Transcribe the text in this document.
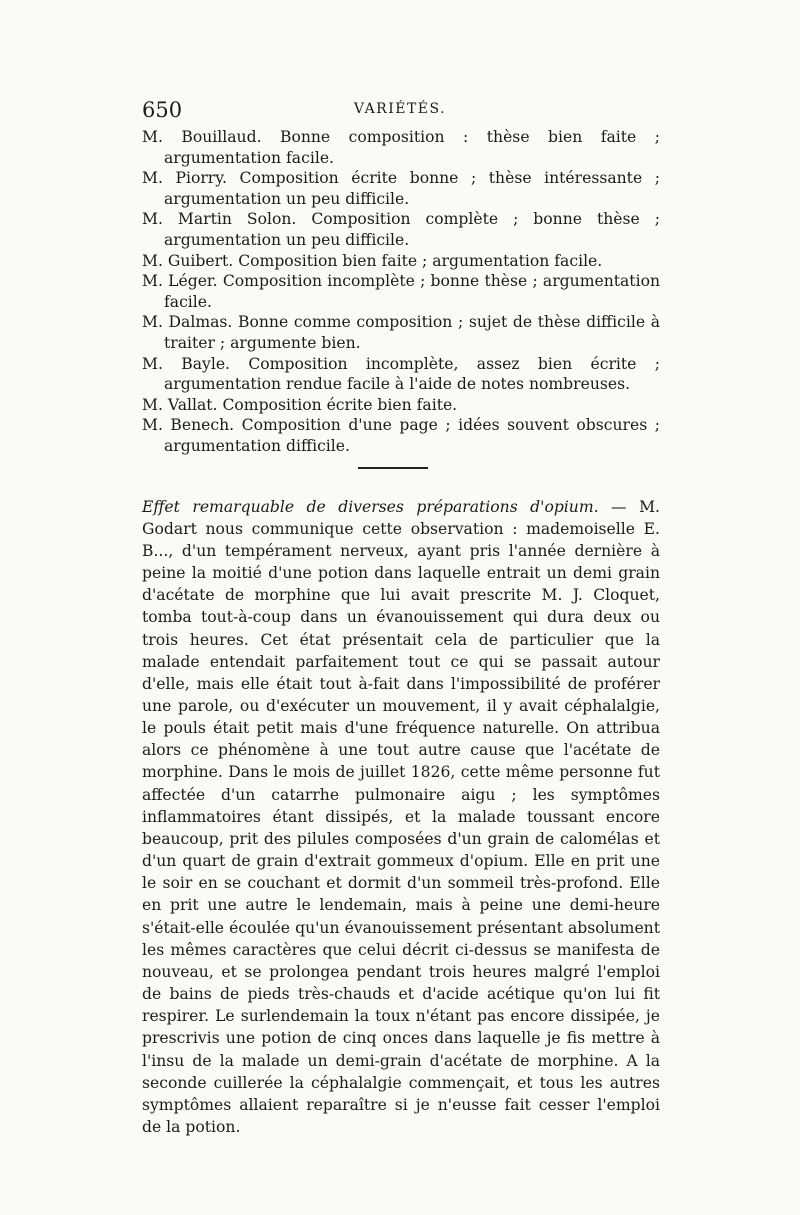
650	VARIÉTÉS.
M. Bouillaud. Bonne composition : thèse bien faite ; argumentation facile.
M. Piorry. Composition écrite bonne ; thèse intéressante ; argumentation un peu difficile.
M. Martin Solon. Composition complète ; bonne thèse ; argumentation un peu difficile.
M. Guibert. Composition bien faite ; argumentation facile.
M. Léger. Composition incomplète ; bonne thèse ; argumentation facile.
M. Dalmas. Bonne comme composition ; sujet de thèse difficile à traiter ; argumente bien.
M. Bayle. Composition incomplète, assez bien écrite ; argumentation rendue facile à l'aide de notes nombreuses.
M. Vallat. Composition écrite bien faite.
M. Benech. Composition d'une page ; idées souvent obscures ; argumentation difficile.

Effet remarquable de diverses préparations d'opium. — M. Godart nous communique cette observation : mademoiselle E. B..., d'un tempérament nerveux, ayant pris l'année dernière à peine la moitié d'une potion dans laquelle entrait un demi grain d'acétate de morphine que lui avait prescrite M. J. Cloquet, tomba tout-à-coup dans un évanouissement qui dura deux ou trois heures. Cet état présentait cela de particulier que la malade entendait parfaitement tout ce qui se passait autour d'elle, mais elle était tout à-fait dans l'impossibilité de proférer une parole, ou d'exécuter un mouvement, il y avait céphalalgie, le pouls était petit mais d'une fréquence naturelle. On attribua alors ce phénomène à une tout autre cause que l'acétate de morphine. Dans le mois de juillet 1826, cette même personne fut affectée d'un catarrhe pulmonaire aigu ; les symptômes inflammatoires étant dissipés, et la malade toussant encore beaucoup, prit des pilules composées d'un grain de calomélas et d'un quart de grain d'extrait gommeux d'opium. Elle en prit une le soir en se couchant et dormit d'un sommeil très-profond. Elle en prit une autre le lendemain, mais à peine une demi-heure s'était-elle écoulée qu'un évanouissement présentant absolument les mêmes caractères que celui décrit ci-dessus se manifesta de nouveau, et se prolongea pendant trois heures malgré l'emploi de bains de pieds très-chauds et d'acide acétique qu'on lui fit respirer. Le surlendemain la toux n'étant pas encore dissipée, je prescrivis une potion de cinq onces dans laquelle je fis mettre à l'insu de la malade un demi-grain d'acétate de morphine. A la seconde cuillerée la céphalalgie commençait, et tous les autres symptômes allaient reparaître si je n'eusse fait cesser l'emploi de la potion.
